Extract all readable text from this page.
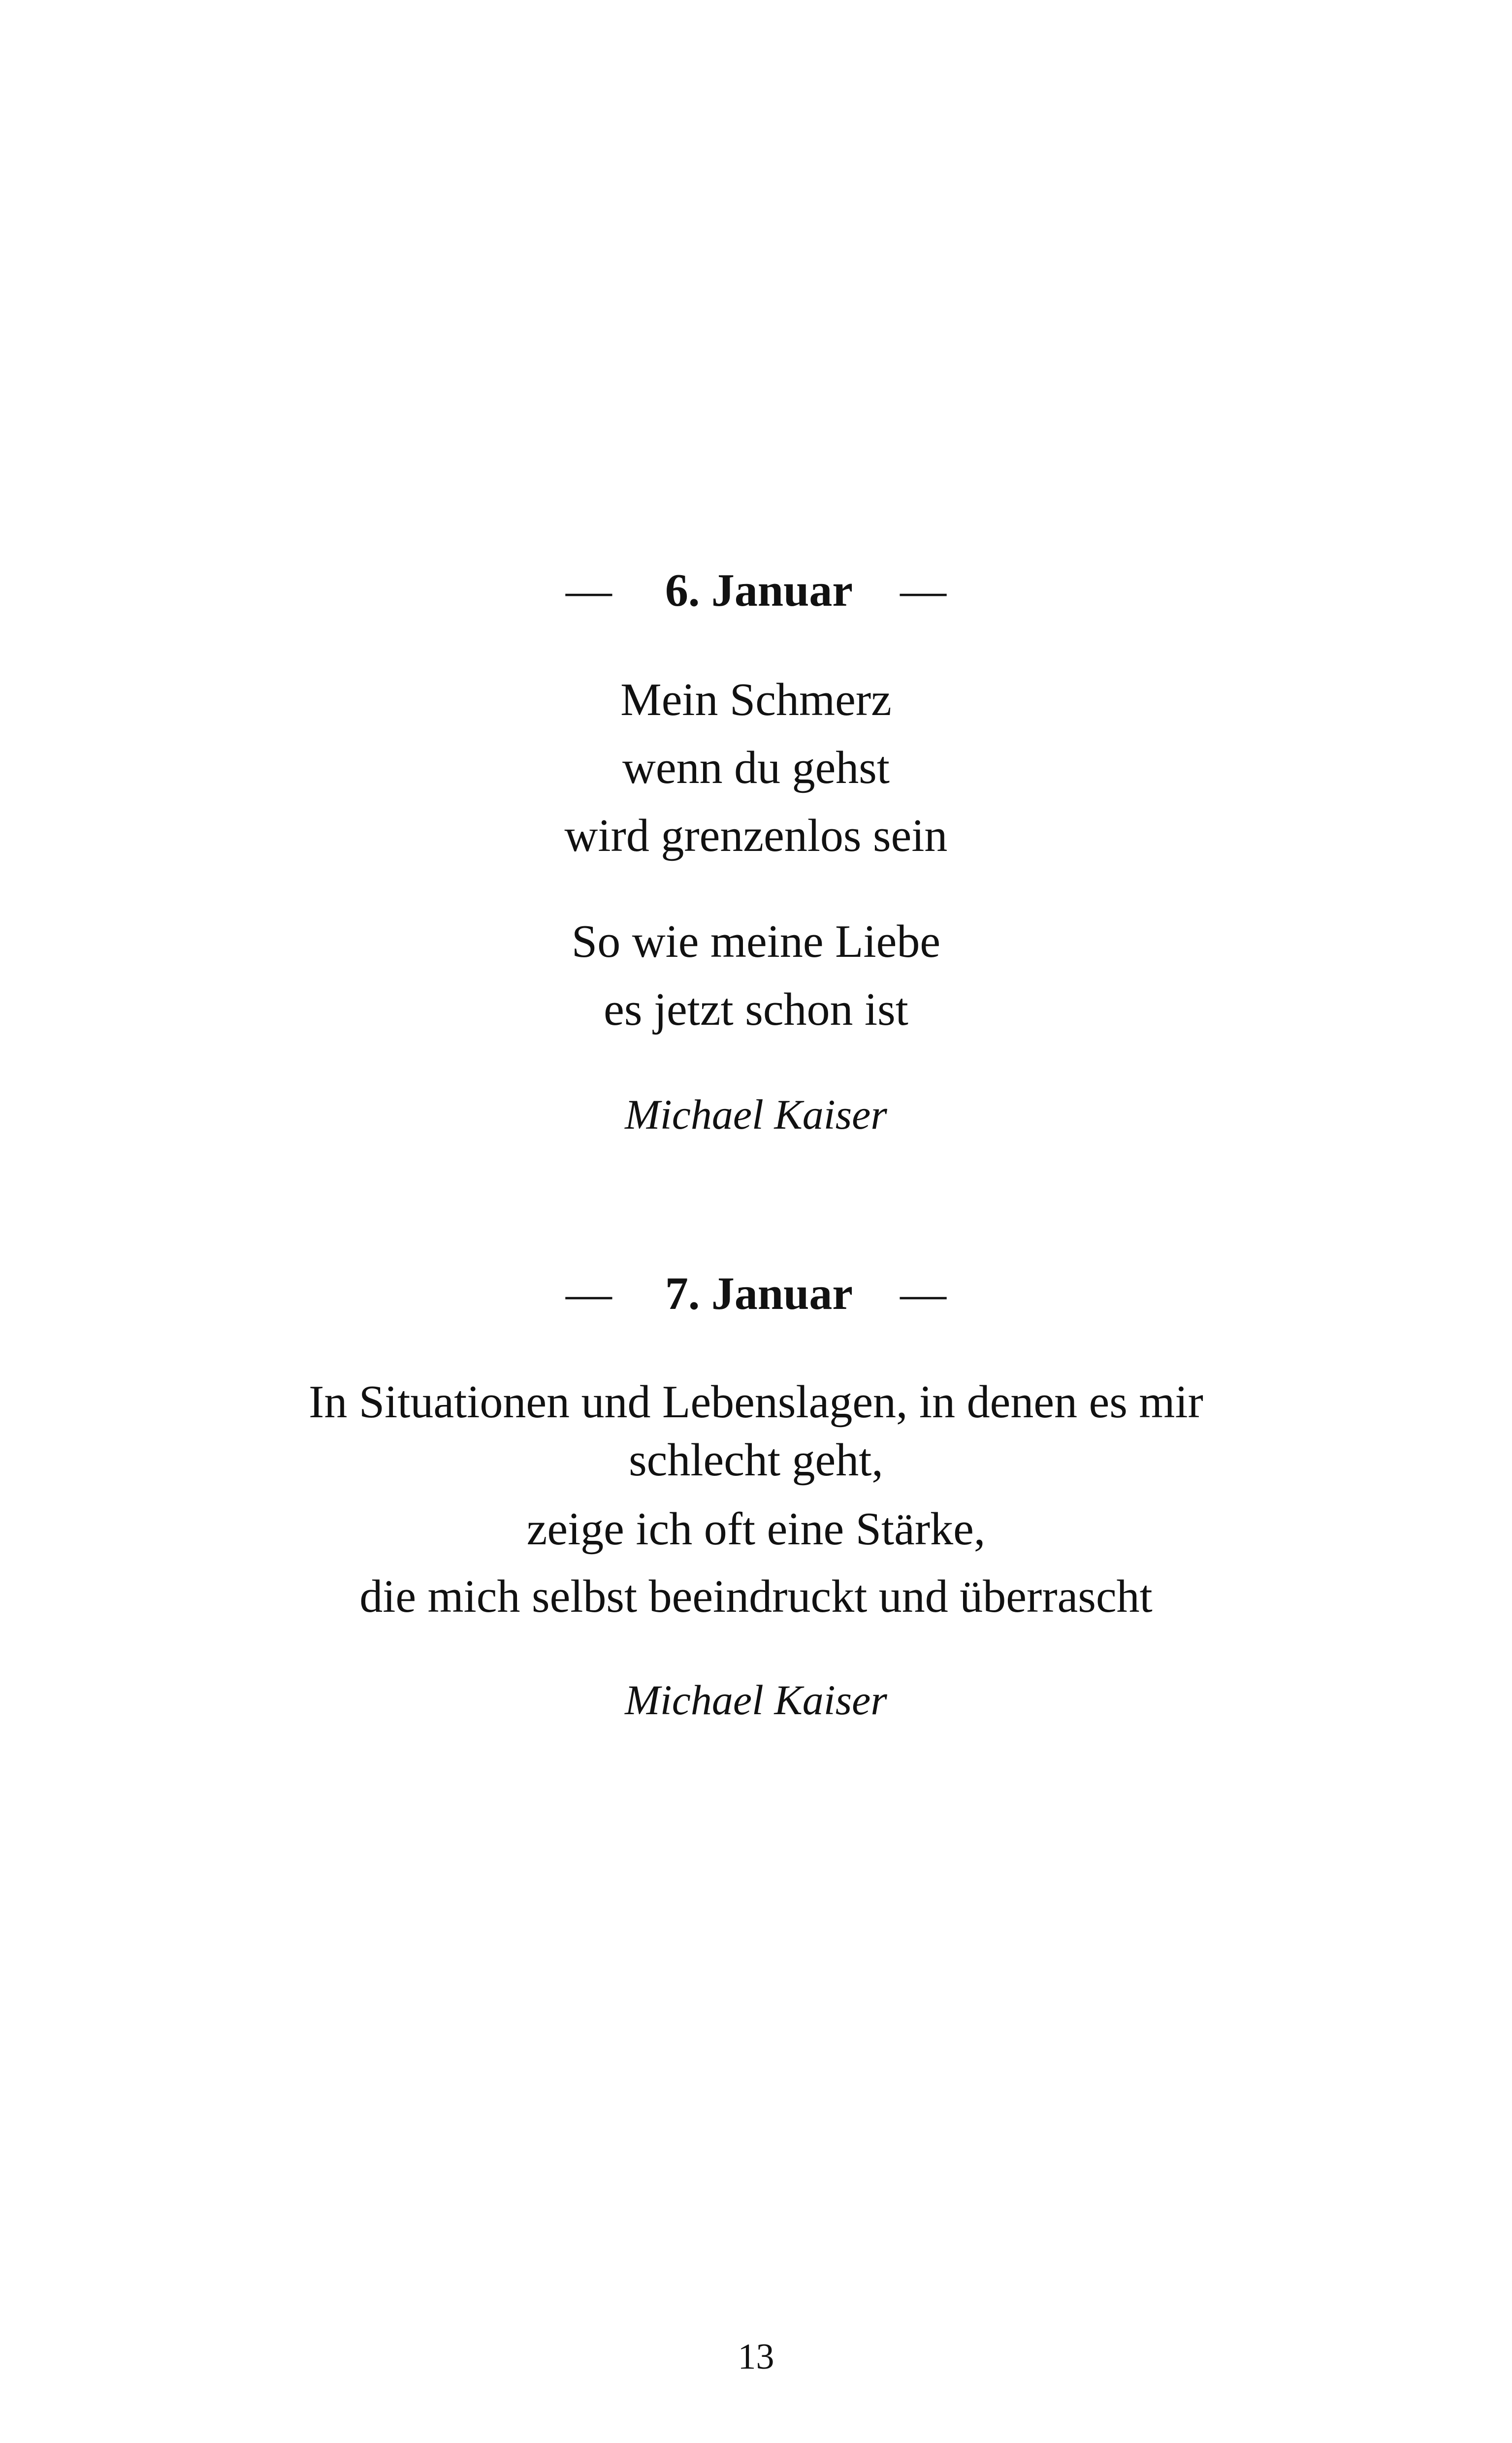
— 6. Januar —
Mein Schmerz
wenn du gehst
wird grenzenlos sein
So wie meine Liebe
es jetzt schon ist
Michael Kaiser
— 7. Januar —
In Situationen und Lebenslagen, in denen es mir
schlecht geht,
zeige ich oft eine Stärke,
die mich selbst beeindruckt und überrascht
Michael Kaiser
13
